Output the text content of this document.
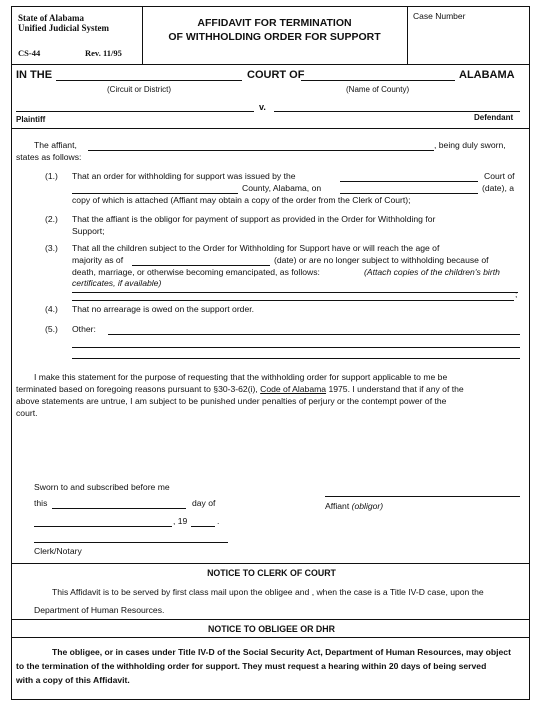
State of Alabama
Unified Judicial System
CS-44	Rev. 11/95
AFFIDAVIT FOR TERMINATION
OF WITHHOLDING ORDER FOR SUPPORT
Case Number
IN THE	COURT OF	ALABAMA
(Circuit or District)	(Name of County)
v.
Plaintiff	Defendant
The affiant,	, being duly sworn,
states as follows:
(1.) That an order for withholding for support was issued by the	Court of
County, Alabama, on	(date), a
copy of which is attached (Affiant may obtain a copy of the order from the Clerk of Court);
(2.) That the affiant is the obligor for payment of support as provided in the Order for Withholding for
Support;
(3.) That all the children subject to the Order for Withholding for Support have or will reach the age of
majority as of	(date) or are no longer subject to withholding because of
death, marriage, or otherwise becoming emancipated, as follows:	(Attach copies of the children's birth
certificates, if available)
;
(4.) That no arrearage is owed on the support order.
(5.) Other:
I make this statement for the purpose of requesting that the withholding order for support applicable to me be
terminated based on foregoing reasons pursuant to §30-3-62(i), Code of Alabama 1975. I understand that if any of the
above statements are untrue, I am subject to be punished under penalties of perjury or the contempt power of the
court.
Sworn to and subscribed before me
this	day of
, 19	.
Clerk/Notary
Affiant (obligor)
NOTICE TO CLERK OF COURT
This Affidavit is to be served by first class mail upon the obligee and , when the case is a Title IV-D case, upon the
Department of Human Resources.
NOTICE TO OBLIGEE OR DHR
The obligee, or in cases under Title IV-D of the Social Security Act, Department of Human Resources, may object
to the termination of the withholding order for support. They must request a hearing within 20 days of being served
with a copy of this Affidavit.
